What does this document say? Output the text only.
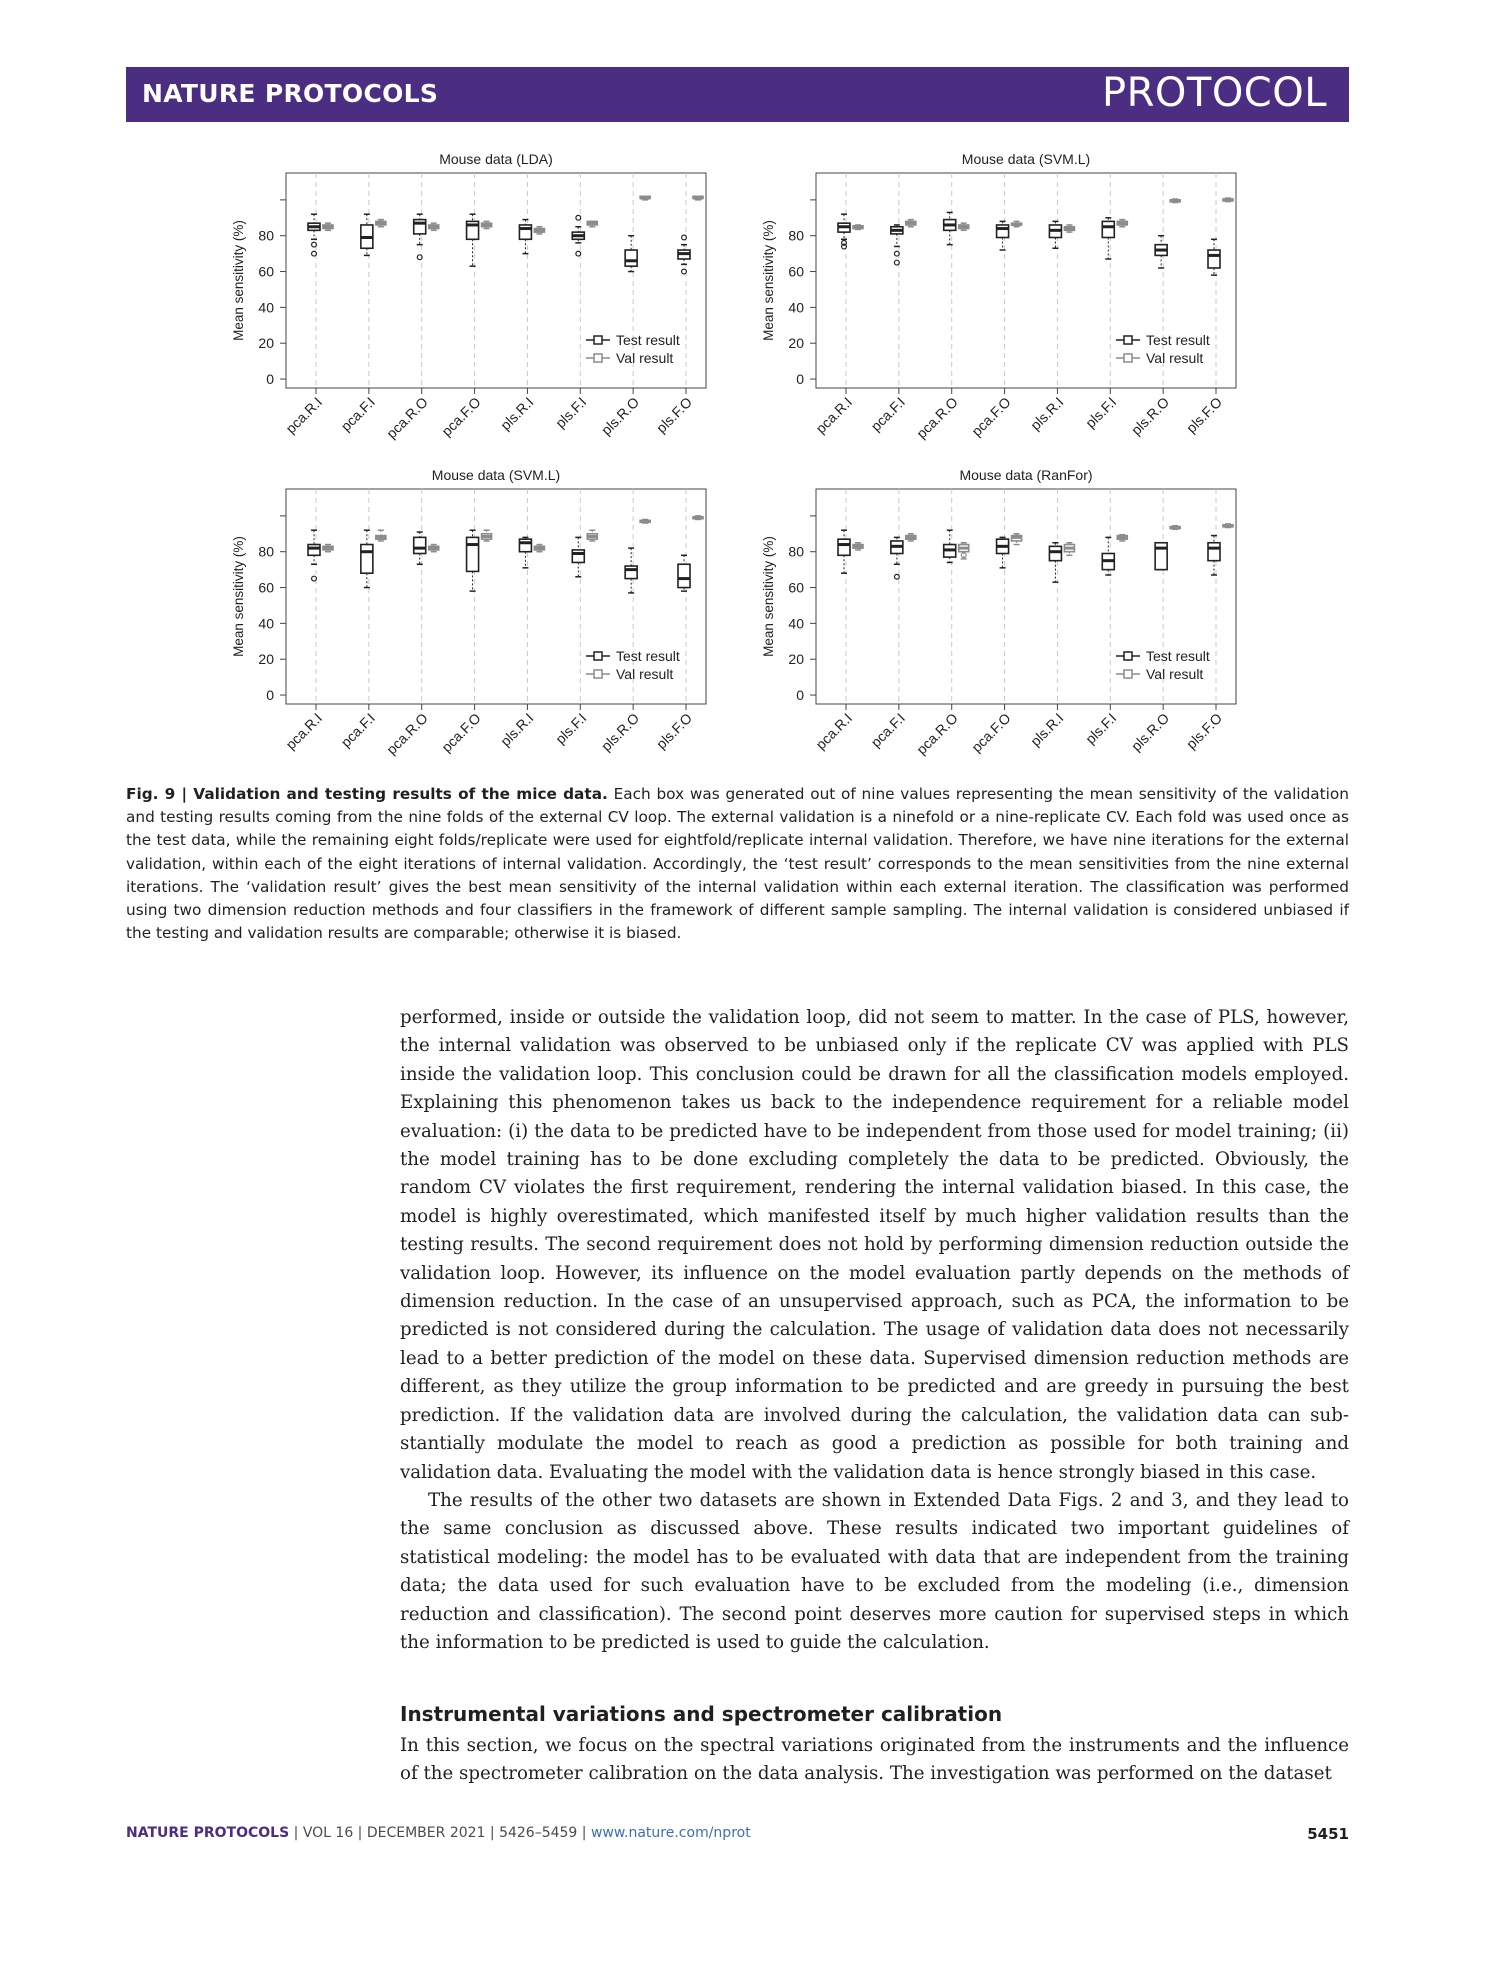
NATURE PROTOCOLS	PROTOCOL
Mouse data (LDA)
0
20
40
60
80
Mean sensitivity (%)
pca.R.I pca.F.I pca.R.O pca.F.O pls.R.I pls.F.I pls.R.O pls.F.O
Test result
Val result
Mouse data (SVM.L)
0
20
40
60
80
Mean sensitivity (%)
pca.R.I pca.F.I pca.R.O pca.F.O pls.R.I pls.F.I pls.R.O pls.F.O
Test result
Val result
Mouse data (SVM.L)
0
20
40
60
80
Mean sensitivity (%)
pca.R.I pca.F.I pca.R.O pca.F.O pls.R.I pls.F.I pls.R.O pls.F.O
Test result
Val result
Mouse data (RanFor)
0
20
40
60
80
Mean sensitivity (%)
pca.R.I pca.F.I pca.R.O pca.F.O pls.R.I pls.F.I pls.R.O pls.F.O
Test result
Val result
Fig. 9 | Validation and testing results of the mice data. Each box was generated out of nine values representing the mean sensitivity of the validation and testing results coming from the nine folds of the external CV loop. The external validation is a ninefold or a nine-replicate CV. Each fold was used once as the test data, while the remaining eight folds/replicate were used for eightfold/replicate internal validation. Therefore, we have nine iterations for the external validation, within each of the eight iterations of internal validation. Accordingly, the ‘test result’ corresponds to the mean sensitivities from the nine external iterations. The ‘validation result’ gives the best mean sensitivity of the internal validation within each external iteration. The classification was performed using two dimension reduction methods and four classifiers in the framework of different sample sampling. The internal validation is considered unbiased if the testing and validation results are comparable; otherwise it is biased.

performed, inside or outside the validation loop, did not seem to matter. In the case of PLS, however, the internal validation was observed to be unbiased only if the replicate CV was applied with PLS inside the validation loop. This conclusion could be drawn for all the classification models employed. Explaining this phenomenon takes us back to the independence requirement for a reliable model evaluation: (i) the data to be predicted have to be independent from those used for model training; (ii) the model training has to be done excluding completely the data to be predicted. Obviously, the random CV violates the first requirement, rendering the internal validation biased. In this case, the model is highly overestimated, which manifested itself by much higher validation results than the testing results. The second requirement does not hold by performing dimension reduction outside the validation loop. However, its influence on the model evaluation partly depends on the methods of dimension reduction. In the case of an unsupervised approach, such as PCA, the information to be predicted is not considered during the calculation. The usage of validation data does not necessarily lead to a better prediction of the model on these data. Supervised dimension reduction methods are different, as they utilize the group information to be predicted and are greedy in pursuing the best prediction. If the validation data are involved during the calculation, the validation data can sub-stantially modulate the model to reach as good a prediction as possible for both training and validation data. Evaluating the model with the validation data is hence strongly biased in this case.

The results of the other two datasets are shown in Extended Data Figs. 2 and 3, and they lead to the same conclusion as discussed above. These results indicated two important guidelines of statistical modeling: the model has to be evaluated with data that are independent from the training data; the data used for such evaluation have to be excluded from the modeling (i.e., dimension reduction and classification). The second point deserves more caution for supervised steps in which the information to be predicted is used to guide the calculation.

Instrumental variations and spectrometer calibration

In this section, we focus on the spectral variations originated from the instruments and the influence of the spectrometer calibration on the data analysis. The investigation was performed on the dataset

NATURE PROTOCOLS | VOL 16 | DECEMBER 2021 | 5426–5459 | www.nature.com/nprot	5451
